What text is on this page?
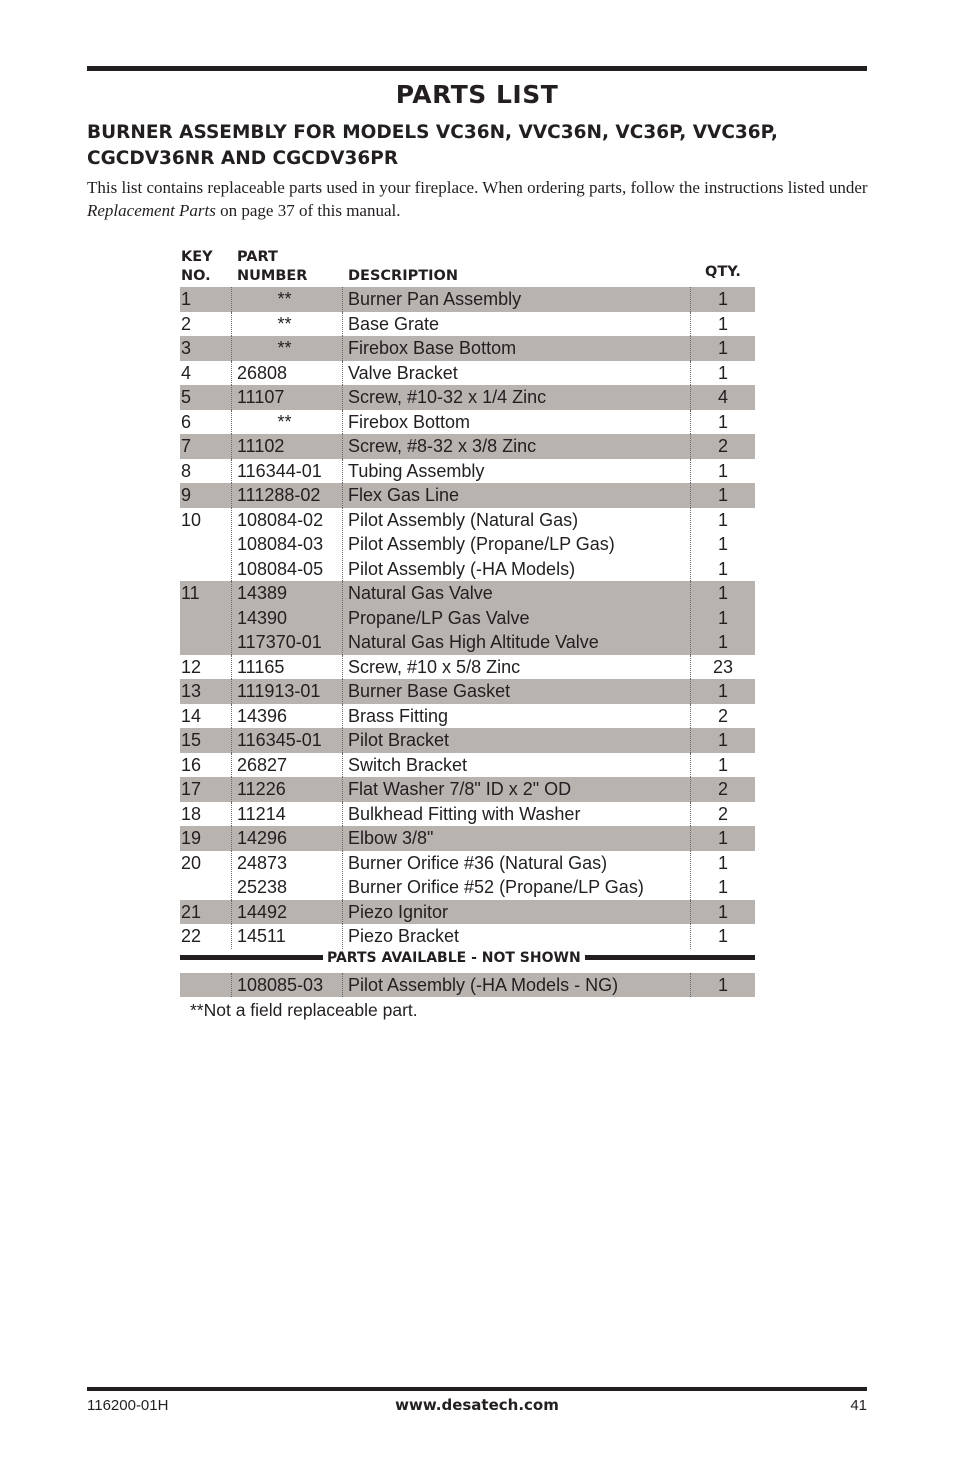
PARTS LIST
BURNER ASSEMBLY FOR MODELS VC36N, VVC36N, VC36P, VVC36P, CGCDV36NR AND CGCDV36PR
This list contains replaceable parts used in your fireplace. When ordering parts, follow the instructions listed under Replacement Parts on page 37 of this manual.
KEY
NO.
PART
NUMBER	DESCRIPTION	QTY.
1	**	Burner Pan Assembly	1
2	**	Base Grate	1
3	**	Firebox Base Bottom	1
4	26808	Valve Bracket	1
5	11107	Screw, #10-32 x 1/4 Zinc	4
6	**	Firebox Bottom	1
7	11102	Screw, #8-32 x 3/8 Zinc	2
8	116344-01 Tubing Assembly	1
9	111288-02 Flex Gas Line	1
10 108084-02 Pilot Assembly (Natural Gas)	1
108084-03 Pilot Assembly (Propane/LP Gas)	1
108084-05 Pilot Assembly (-HA Models)	1
11 14389	Natural Gas Valve	1
14390	Propane/LP Gas Valve	1
117370-01 Natural Gas High Altitude Valve	1
12 11165	Screw, #10 x 5/8 Zinc	23
13 111913-01 Burner Base Gasket	1
14 14396	Brass Fitting	2
15 116345-01 Pilot Bracket	1
16 26827	Switch Bracket	1
17 11226	Flat Washer 7/8" ID x 2" OD	2
18 11214	Bulkhead Fitting with Washer	2
19 14296	Elbow 3/8"	1
20 24873	Burner Orifice #36 (Natural Gas)	1
25238	Burner Orifice #52 (Propane/LP Gas)	1
21 14492	Piezo Ignitor	1
22 14511	Piezo Bracket	1
PARTS AVAILABLE - NOT SHOWN
108085-03 Pilot Assembly (-HA Models - NG)	1
**Not a field replaceable part.
116200-01H	www.desatech.com	41
